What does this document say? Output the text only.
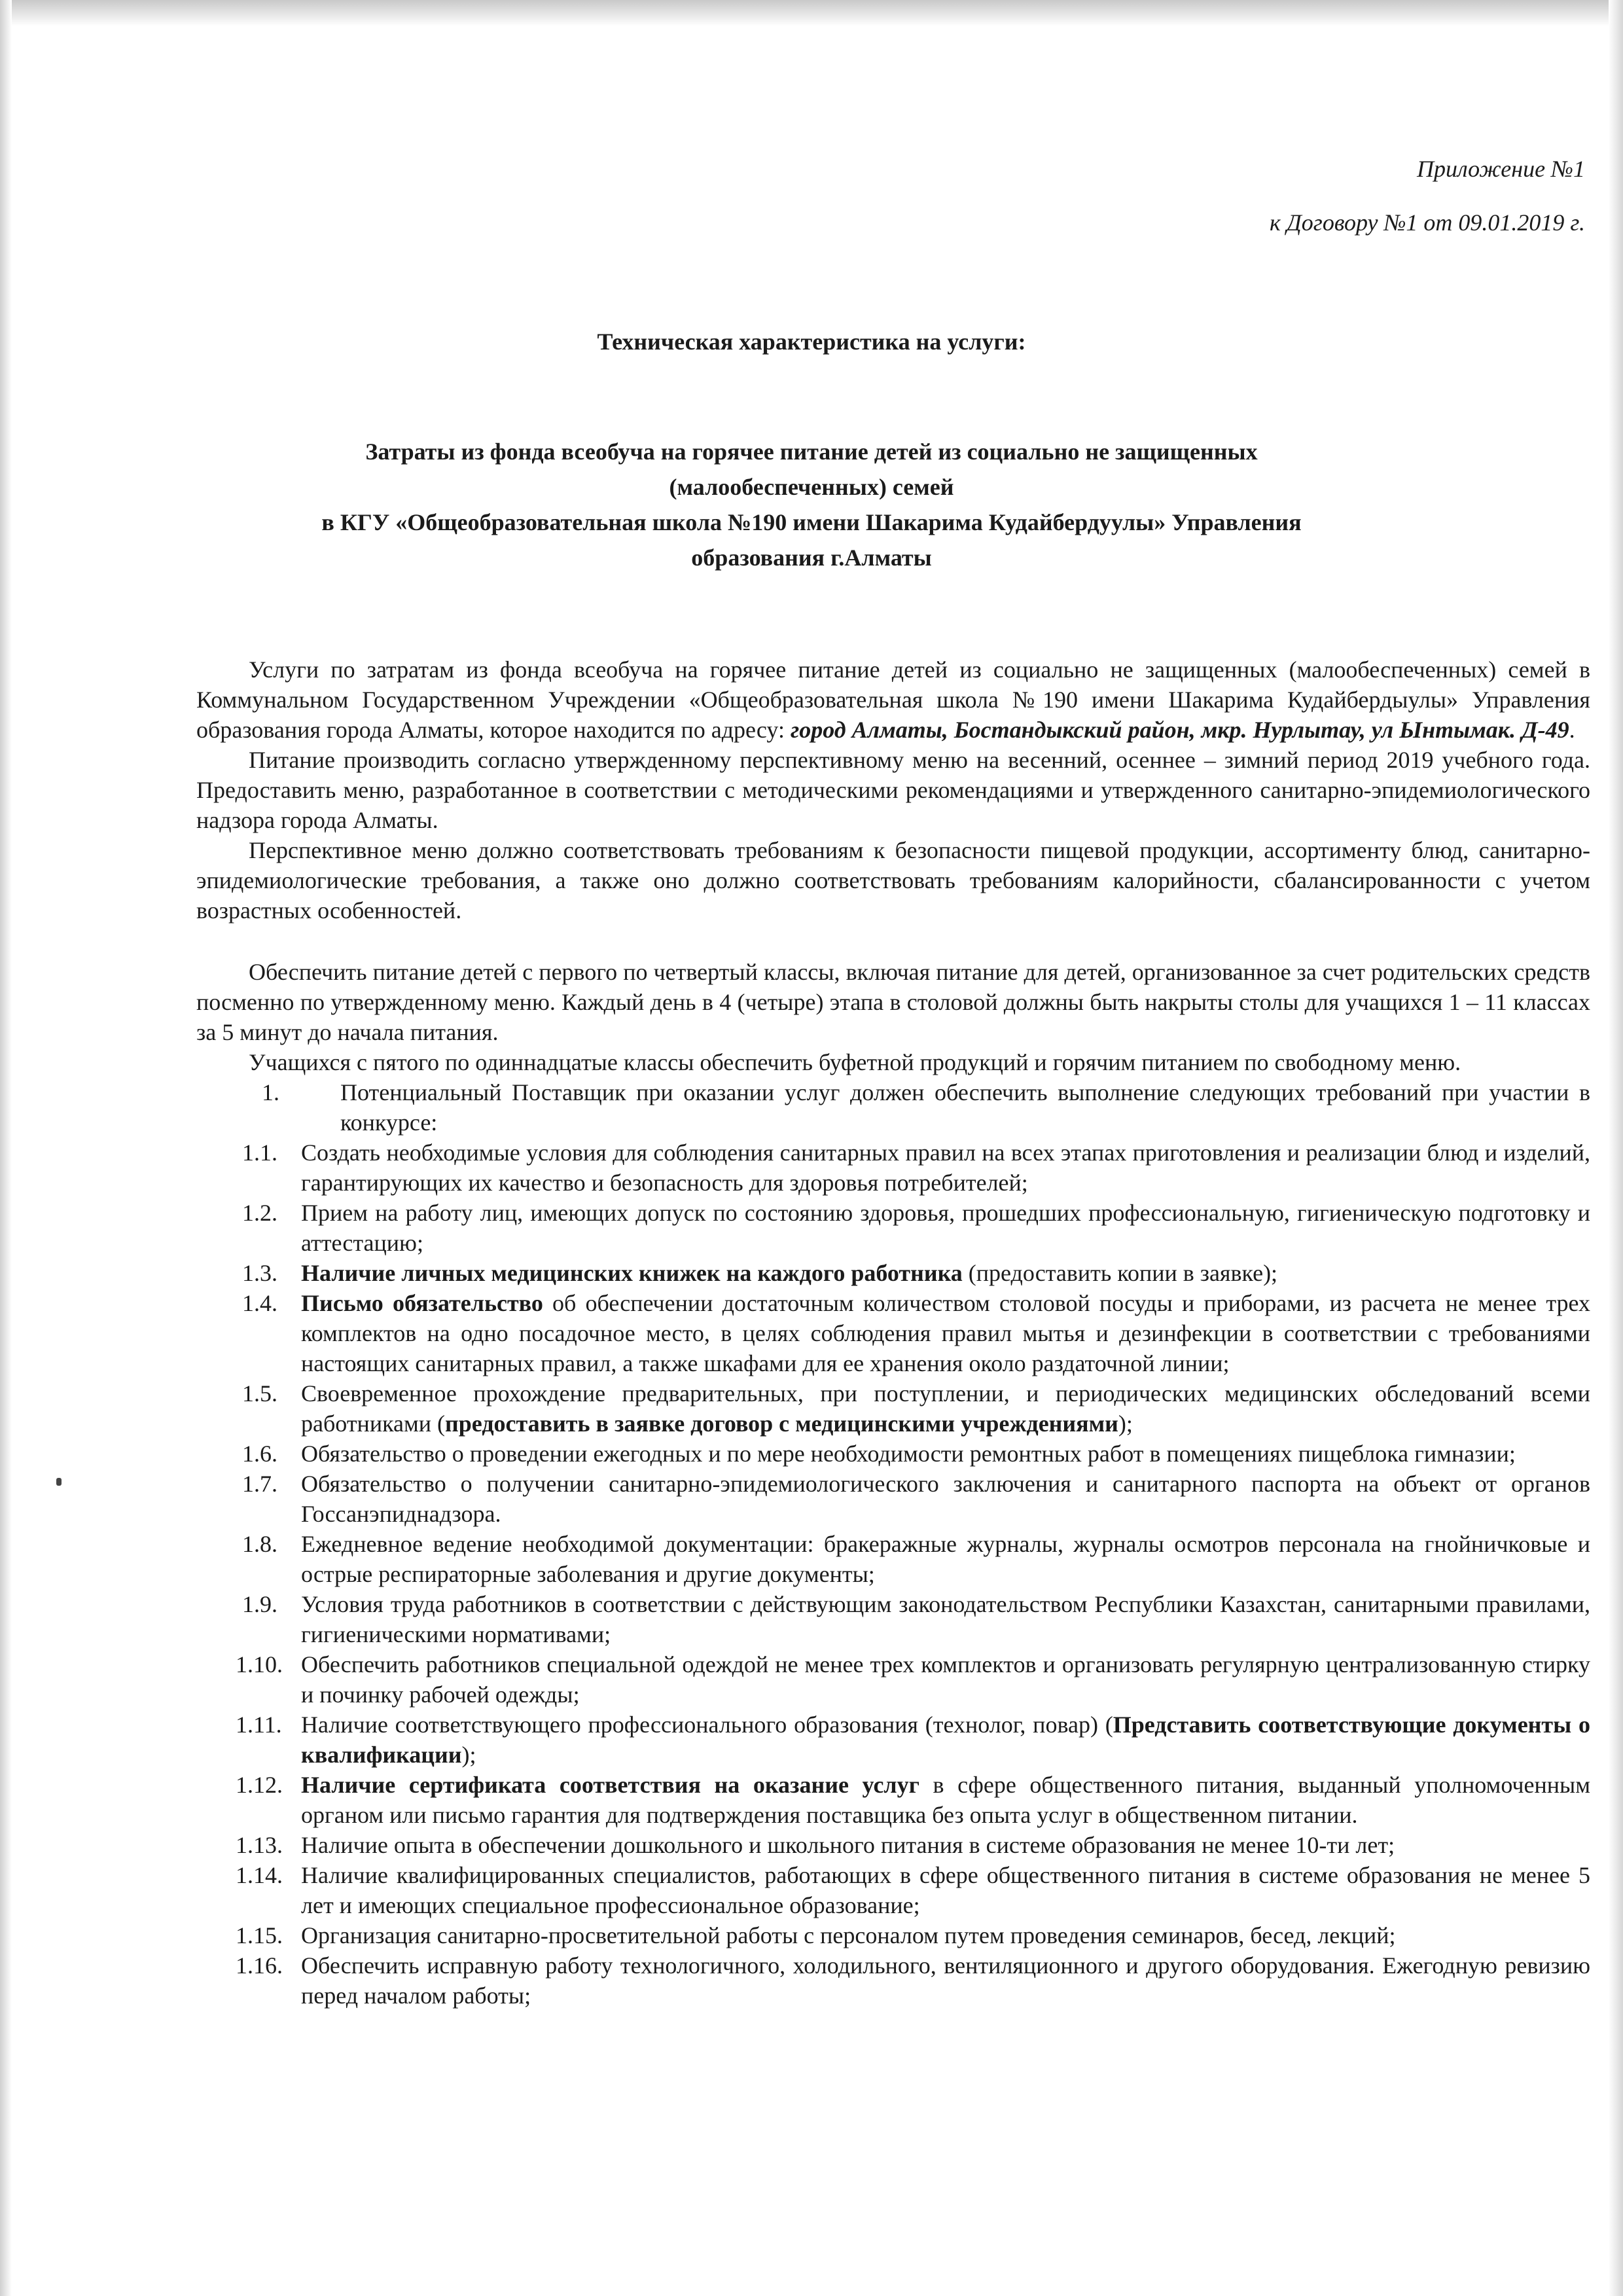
Приложение №1
к Договору №1 от 09.01.2019 г.
Техническая характеристика на услуги:
Затраты из фонда всеобуча на горячее питание детей из социально не защищенных
(малообеспеченных) семей
в КГУ «Общеобразовательная школа №190 имени Шакарима Кудайбердуулы» Управления
образования г.Алматы

Услуги по затратам из фонда всеобуча на горячее питание детей из социально не защищенных (малообеспеченных) семей в Коммунальном Государственном Учреждении «Общеобразовательная школа №190 имени Шакарима Кудайбердыулы» Управления образования города Алматы, которое находится по адресу: город Алматы, Бостандыкский район, мкр. Нурлытау, ул Ынтымак. Д-49.

Питание производить согласно утвержденному перспективному меню на весенний, осеннее – зимний период 2019 учебного года. Предоставить меню, разработанное в соответствии с методическими рекомендациями и утвержденного санитарно-эпидемиологического надзора города Алматы.

Перспективное меню должно соответствовать требованиям к безопасности пищевой продукции, ассортименту блюд, санитарно-эпидемиологические требования, а также оно должно соответствовать требованиям калорийности, сбалансированности с учетом возрастных особенностей.

Обеспечить питание детей с первого по четвертый классы, включая питание для детей, организованное за счет родительских средств посменно по утвержденному меню. Каждый день в 4 (четыре) этапа в столовой должны быть накрыты столы для учащихся 1 – 11 классах за 5 минут до начала питания.

Учащихся с пятого по одиннадцатые классы обеспечить буфетной продукций и горячим питанием по свободному меню.

1.	Потенциальный Поставщик при оказании услуг должен обеспечить выполнение следующих требований при участии в конкурсе:
1.1.	Создать необходимые условия для соблюдения санитарных правил на всех этапах приготовления и реализации блюд и изделий, гарантирующих их качество и безопасность для здоровья потребителей;
1.2.	Прием на работу лиц, имеющих допуск по состоянию здоровья, прошедших профессиональную, гигиеническую подготовку и аттестацию;
1.3.	Наличие личных медицинских книжек на каждого работника (предоставить копии в заявке);
1.4.	Письмо обязательство об обеспечении достаточным количеством столовой посуды и приборами, из расчета не менее трех комплектов на одно посадочное место, в целях соблюдения правил мытья и дезинфекции в соответствии с требованиями настоящих санитарных правил, а также шкафами для ее хранения около раздаточной линии;
1.5.	Своевременное прохождение предварительных, при поступлении, и периодических медицинских обследований всеми работниками (предоставить в заявке договор с медицинскими учреждениями);
1.6.	Обязательство о проведении ежегодных и по мере необходимости ремонтных работ в помещениях пищеблока гимназии;
1.7.	Обязательство о получении санитарно-эпидемиологического заключения и санитарного паспорта на объект от органов Госсанэпиднадзора.
1.8.	Ежедневное ведение необходимой документации: бракеражные журналы, журналы осмотров персонала на гнойничковые и острые респираторные заболевания и другие документы;
1.9.	Условия труда работников в соответствии с действующим законодательством Республики Казахстан, санитарными правилами, гигиеническими нормативами;
1.10. Обеспечить работников специальной одеждой не менее трех комплектов и организовать регулярную централизованную стирку и починку рабочей одежды;
1.11. Наличие соответствующего профессионального образования (технолог, повар) (Представить соответствующие документы о квалификации);
1.12. Наличие сертификата соответствия на оказание услуг в сфере общественного питания, выданный уполномоченным органом или письмо гарантия для подтверждения поставщика без опыта услуг в общественном питании.
1.13. Наличие опыта в обеспечении дошкольного и школьного питания в системе образования не менее 10-ти лет;
1.14. Наличие квалифицированных специалистов, работающих в сфере общественного питания в системе образования не менее 5 лет и имеющих специальное профессиональное образование;
1.15. Организация санитарно-просветительной работы с персоналом путем проведения семинаров, бесед, лекций;
1.16. Обеспечить исправную работу технологичного, холодильного, вентиляционного и другого оборудования. Ежегодную ревизию перед началом работы;
